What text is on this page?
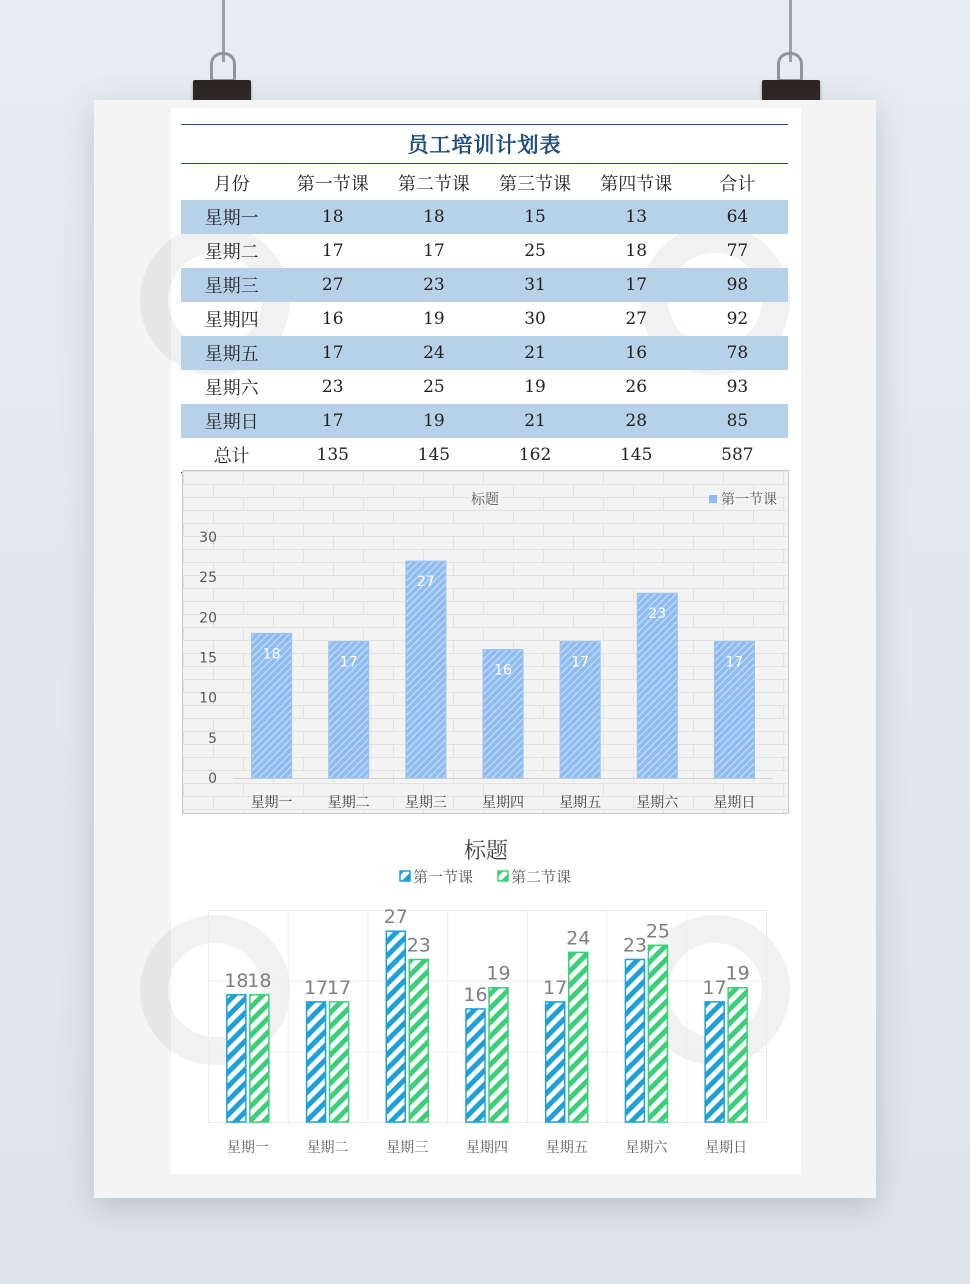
员工培训计划表
月份	第一节课	第二节课	第三节课	第四节课	合计
星期一	18	18	15	13	64
星期二	17	17	25	18	77
星期三	27	23	31	17	98
星期四	16	19	30	27	92
星期五	17	24	21	16	78
星期六	23	25	19	26	93
星期日	17	19	21	28	85
总计	135	145	162	145	587
标题	第一节课
0
5
10
15
20
25
30
18
星期一
17
星期二
27
星期三
16
星期四
17
星期五
23
星期六
17
星期日
标题
第一节课	第二节课
18
18
星期一
17
17
星期二
27
23
星期三
16
19
星期四
17
24
星期五
23
25
星期六
17
19
星期日
